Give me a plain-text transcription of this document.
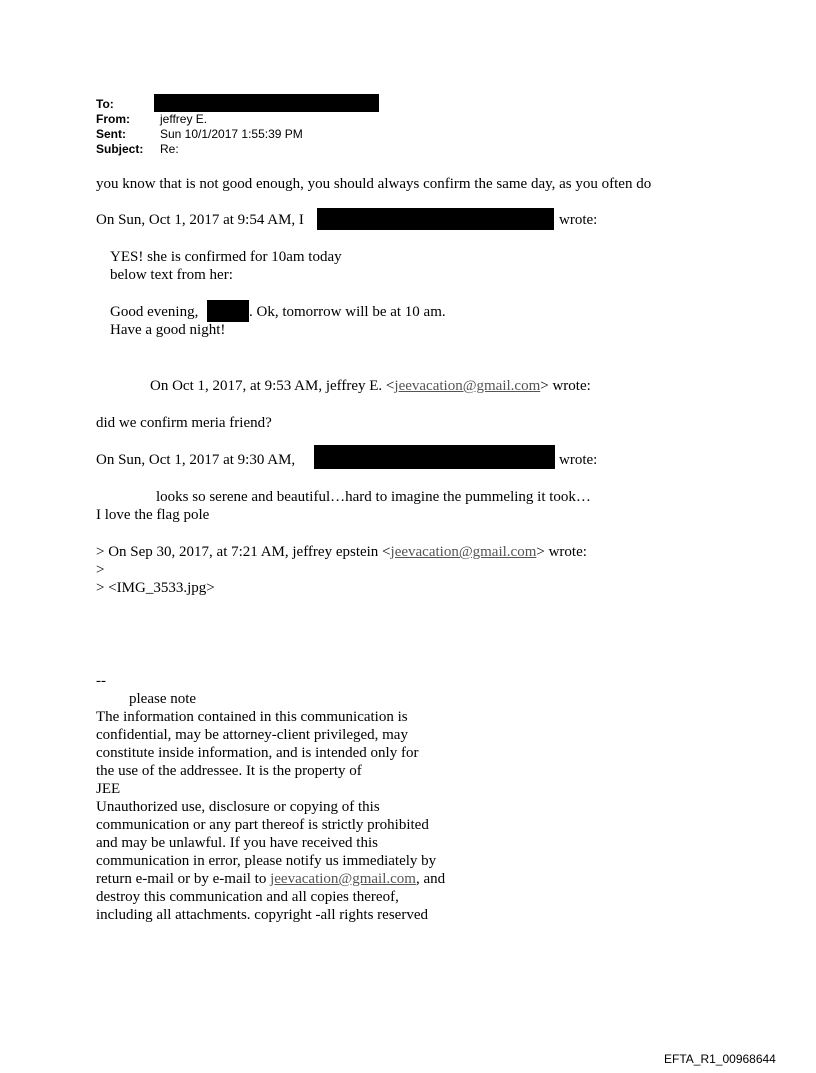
To:
From:	jeffrey E.
Sent:	Sun 10/1/2017 1:55:39 PM
Subject: Re:
you know that is not good enough, you should always confirm the same day, as you often do
On Sun, Oct 1, 2017 at 9:54 AM, I	wrote:
YES! she is confirmed for 10am today
below text from her:
Good evening,	. Ok, tomorrow will be at 10 am.
Have a good night!
On Oct 1, 2017, at 9:53 AM, jeffrey E. <jeevacation@gmail.com> wrote:
did we confirm meria friend?
On Sun, Oct 1, 2017 at 9:30 AM,	wrote:
looks so serene and beautiful…hard to imagine the pummeling it took…
I love the flag pole
> On Sep 30, 2017, at 7:21 AM, jeffrey epstein <jeevacation@gmail.com> wrote:
>
> <IMG_3533.jpg>
--
please note
The information contained in this communication is
confidential, may be attorney-client privileged, may
constitute inside information, and is intended only for
the use of the addressee. It is the property of
JEE
Unauthorized use, disclosure or copying of this
communication or any part thereof is strictly prohibited
and may be unlawful. If you have received this
communication in error, please notify us immediately by
return e-mail or by e-mail to jeevacation@gmail.com, and
destroy this communication and all copies thereof,
including all attachments. copyright -all rights reserved
EFTA_R1_00968644
